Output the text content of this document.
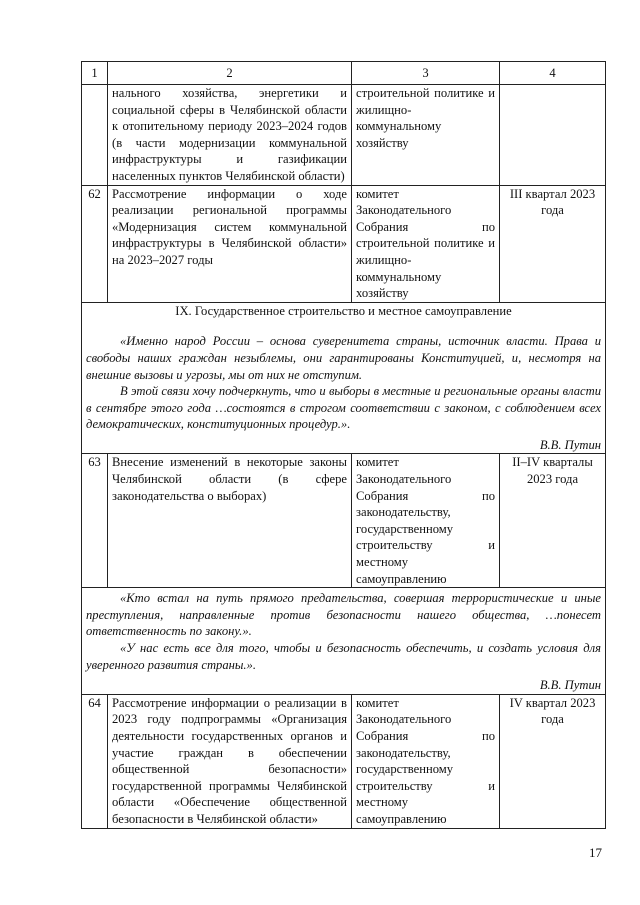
1	2	3	4
	нального хозяйства, энергетики и социальной сферы в Челябинской области к отопительному периоду 2023–2024 годов (в части модернизации коммунальной инфраструктуры и газификации населенных пунктов Челябинской области)	строительной политике и жилищно-коммунальному хозяйству	
62	Рассмотрение информации о ходе реализации региональной программы «Модернизация систем коммунальной инфраструктуры в Челябинской области» на 2023–2027 годы	комитет Законодательного Собрания по строительной политике и жилищно-коммунальному хозяйству	III квартал 2023 года

IX. Государственное строительство и местное самоуправление

«Именно народ России – основа суверенитета страны, источник власти. Права и свободы наших граждан незыблемы, они гарантированы Конституцией, и, несмотря на внешние вызовы и угрозы, мы от них не отступим.

В этой связи хочу подчеркнуть, что и выборы в местные и региональные органы власти в сентябре этого года …состоятся в строгом соответствии с законом, с соблюдением всех демократических, конституционных процедур.».

В.В. Путин			

63	Внесение изменений в некоторые законы Челябинской области (в сфере законодательства о выборах)	комитет Законодательного Собрания по законодательству, государственному строительству и местному самоуправлению	II–IV кварталы 2023 года

«Кто встал на путь прямого предательства, совершая террористические и иные преступления, направленные против безопасности нашего общества, …понесет ответственность по закону.».

«У нас есть все для того, чтобы и безопасность обеспечить, и создать условия для уверенного развития страны.».

В.В. Путин			

64	Рассмотрение информации о реализации в 2023 году подпрограммы «Организация деятельности государственных органов и участие граждан в обеспечении общественной безопасности» государственной программы Челябинской области «Обеспечение общественной безопасности в Челябинской области»	комитет Законодательного Собрания по законодательству, государственному строительству и местному самоуправлению	IV квартал 2023 года
17
